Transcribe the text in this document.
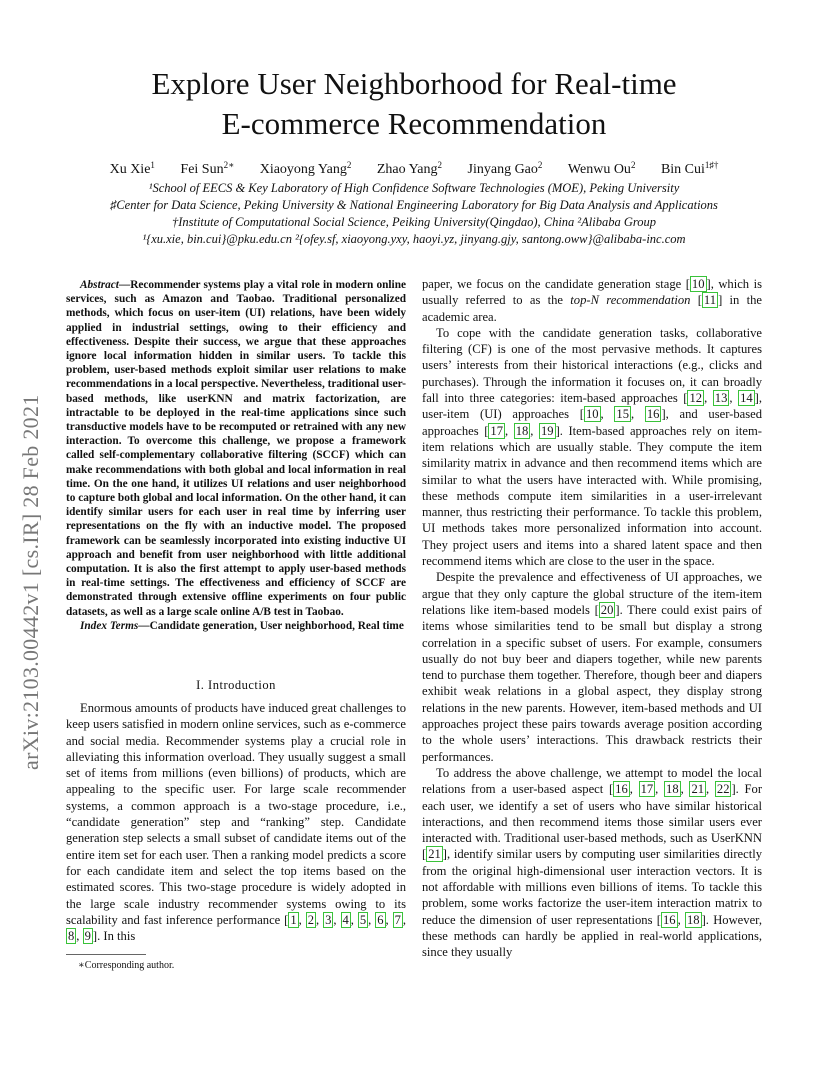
Explore User Neighborhood for Real-time
E-commerce Recommendation
Xu Xie$^1$ Fei Sun$^{2∗}$ Xiaoyong Yang$^2$ Zhao Yang$^2$ Jinyang Gao$^2$ Wenwu Ou$^2$ Bin Cui$^{1♯\dagger}$
¹School of EECS & Key Laboratory of High Confidence Software Technologies (MOE), Peking University
♯Center for Data Science, Peking University & National Engineering Laboratory for Big Data Analysis and Applications
†Institute of Computational Social Science, Peiking University(Qingdao), China ²Alibaba Group
¹{xu.xie, bin.cui}@pku.edu.cn ²{ofey.sf, xiaoyong.yxy, haoyi.yz, jinyang.gjy, santong.oww}@alibaba-inc.com
arXiv:2103.00442v1 [cs.IR] 28 Feb 2021

Abstract—Recommender systems play a vital role in modern online services, such as Amazon and Taobao. Traditional personalized methods, which focus on user-item (UI) relations, have been widely applied in industrial settings, owing to their efficiency and effectiveness. Despite their success, we argue that these approaches ignore local information hidden in similar users. To tackle this problem, user-based methods exploit similar user relations to make recommendations in a local perspective. Nevertheless, traditional user-based methods, like userKNN and matrix factorization, are intractable to be deployed in the real-time applications since such transductive models have to be recomputed or retrained with any new interaction. To overcome this challenge, we propose a framework called self-complementary collaborative filtering (SCCF) which can make recommendations with both global and local information in real time. On the one hand, it utilizes UI relations and user neighborhood to capture both global and local information. On the other hand, it can identify similar users for each user in real time by inferring user representations on the fly with an inductive model. The proposed framework can be seamlessly incorporated into existing inductive UI approach and benefit from user neighborhood with little additional computation. It is also the first attempt to apply user-based methods in real-time settings. The effectiveness and efficiency of SCCF are demonstrated through extensive offline experiments on four public datasets, as well as a large scale online A/B test in Taobao.

Index Terms—Candidate generation, User neighborhood, Real time

I. Introduction

Enormous amounts of products have induced great challenges to keep users satisfied in modern online services, such as e-commerce and social media. Recommender systems play a crucial role in alleviating this information overload. They usually suggest a small set of items from millions (even billions) of products, which are appealing to the specific user. For large scale recommender systems, a common approach is a two-stage procedure, i.e., “candidate generation” step and “ranking” step. Candidate generation step selects a small subset of candidate items out of the entire item set for each user. Then a ranking model predicts a score for each candidate item and select the top items based on the estimated scores. This two-stage procedure is widely adopted in the large scale industry recommender systems owing to its scalability and fast inference performance [ 1 , 2 , 3 , 4 , 5 , 6 , 7 , 8 , 9 ]. In this

∗Corresponding author.

paper, we focus on the candidate generation stage [ 10 ], which is usually referred to as the top-N recommendation [ 11 ] in the academic area.

To cope with the candidate generation tasks, collaborative filtering (CF) is one of the most pervasive methods. It captures users’ interests from their historical interactions (e.g., clicks and purchases). Through the information it focuses on, it can broadly fall into three categories: item-based approaches [ 12 , 13 , 14 ], user-item (UI) approaches [ 10 , 15 , 16 ], and user-based approaches [ 17 , 18 , 19 ]. Item-based approaches rely on item-item relations which are usually stable. They compute the item similarity matrix in advance and then recommend items which are similar to what the users have interacted with. While promising, these methods compute item similarities in a user-irrelevant manner, thus restricting their performance. To tackle this problem, UI methods takes more personalized information into account. They project users and items into a shared latent space and then recommend items which are close to the user in the space.

Despite the prevalence and effectiveness of UI approaches, we argue that they only capture the global structure of the item-item relations like item-based models [ 20 ]. There could exist pairs of items whose similarities tend to be small but display a strong correlation in a specific subset of users. For example, consumers usually do not buy beer and diapers together, while new parents tend to purchase them together. Therefore, though beer and diapers exhibit weak relations in a global aspect, they display strong relations in the new parents. However, item-based methods and UI approaches project these pairs towards average position according to the whole users’ interactions. This drawback restricts their performances.

To address the above challenge, we attempt to model the local relations from a user-based aspect [ 16 , 17 , 18 , 21 , 22 ]. For each user, we identify a set of users who have similar historical interactions, and then recommend items those similar users ever interacted with. Traditional user-based methods, such as UserKNN [ 21 ], identify similar users by computing user similarities directly from the original high-dimensional user interaction vectors. It is not affordable with millions even billions of items. To tackle this problem, some works factorize the user-item interaction matrix to reduce the dimension of user representations [ 16 , 18 ]. However, these methods can hardly be applied in real-world applications, since they usually
